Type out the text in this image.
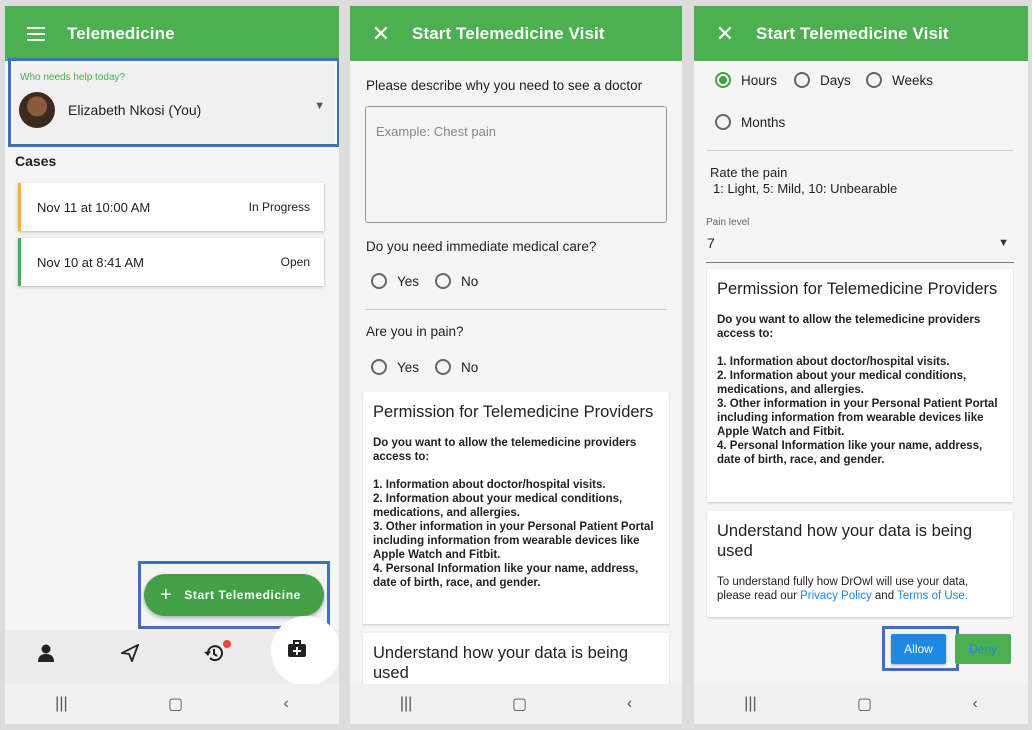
Telemedicine
Who needs help today?
Elizabeth Nkosi (You)	▼
Cases
Nov 11 at 10:00 AM	In Progress
Nov 10 at 8:41 AM	Open
+ Start Telemedicine
|||	▢	‹
✕	Start Telemedicine Visit
Please describe why you need to see a doctor
Example: Chest pain
Do you need immediate medical care?
Yes	No
Are you in pain?
Yes	No
Permission for Telemedicine Providers

Do you want to allow the telemedicine providers access to:

1. Information about doctor/hospital visits.

2. Information about your medical conditions, medications, and allergies.

3. Other information in your Personal Patient Portal including information from wearable devices like Apple Watch and Fitbit.

4. Personal Information like your name, address, date of birth, race, and gender.

Understand how your data is being used
|||	▢	‹
✕	Start Telemedicine Visit
Hours	Days	Weeks
Months
Rate the pain
1: Light, 5: Mild, 10: Unbearable
Pain level
7	▼
Permission for Telemedicine Providers

Do you want to allow the telemedicine providers access to:

1. Information about doctor/hospital visits.

2. Information about your medical conditions, medications, and allergies.

3. Other information in your Personal Patient Portal including information from wearable devices like Apple Watch and Fitbit.

4. Personal Information like your name, address, date of birth, race, and gender.

Understand how your data is being used

To understand fully how DrOwl will use your data, please read our Privacy Policy and Terms of Use.

Allow	Deny
|||	▢	‹
